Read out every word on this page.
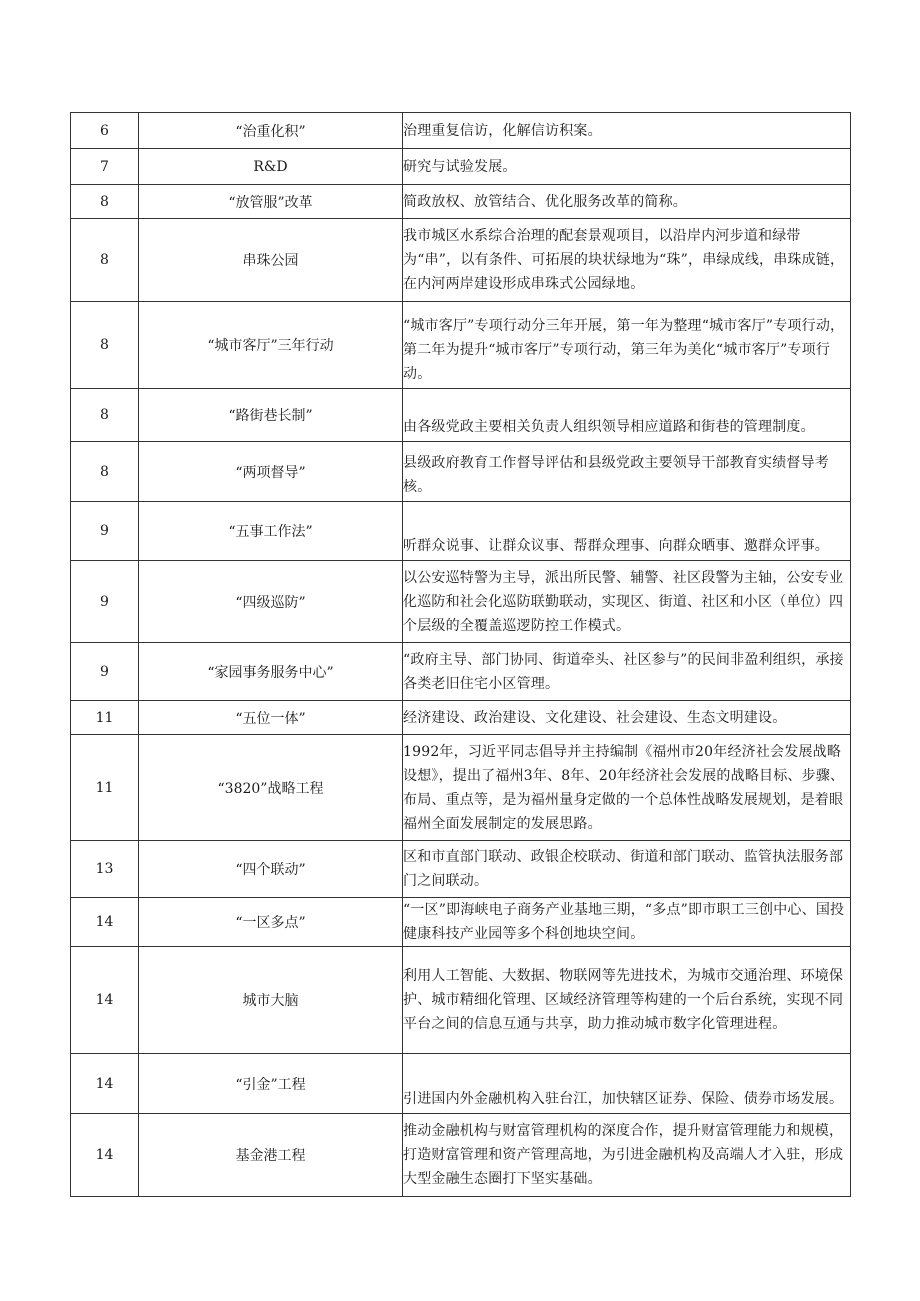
6	“治重化积”	治理重复信访，化解信访积案。
7	R&D	研究与试验发展。
8	“放管服”改革	简政放权、放管结合、优化服务改革的简称。
8	串珠公园	我市城区水系综合治理的配套景观项目，以沿岸内河步道和绿带为“串”，以有条件、可拓展的块状绿地为“珠”，串绿成线，串珠成链，在内河两岸建设形成串珠式公园绿地。
8	“城市客厅”三年行动	“城市客厅”专项行动分三年开展，第一年为整理“城市客厅”专项行动，第二年为提升“城市客厅”专项行动，第三年为美化“城市客厅”专项行动。
8	“路街巷长制”	由各级党政主要相关负责人组织领导相应道路和街巷的管理制度。
8	“两项督导”	县级政府教育工作督导评估和县级党政主要领导干部教育实绩督导考核。
9	“五事工作法”	听群众说事、让群众议事、帮群众理事、向群众晒事、邀群众评事。
9	“四级巡防”	以公安巡特警为主导，派出所民警、辅警、社区段警为主轴，公安专业化巡防和社会化巡防联勤联动，实现区、街道、社区和小区（单位）四个层级的全覆盖巡逻防控工作模式。
9	“家园事务服务中心”	“政府主导、部门协同、街道牵头、社区参与”的民间非盈利组织，承接各类老旧住宅小区管理。
11	“五位一体”	经济建设、政治建设、文化建设、社会建设、生态文明建设。
11	“3820”战略工程	1992年，习近平同志倡导并主持编制《福州市20年经济社会发展战略设想》，提出了福州3年、8年、20年经济社会发展的战略目标、步骤、布局、重点等，是为福州量身定做的一个总体性战略发展规划，是着眼福州全面发展制定的发展思路。
13	“四个联动”	区和市直部门联动、政银企校联动、街道和部门联动、监管执法服务部门之间联动。
14	“一区多点”	“一区”即海峡电子商务产业基地三期，“多点”即市职工三创中心、国投健康科技产业园等多个科创地块空间。
14	城市大脑	利用人工智能、大数据、物联网等先进技术，为城市交通治理、环境保护、城市精细化管理、区域经济管理等构建的一个后台系统，实现不同平台之间的信息互通与共享，助力推动城市数字化管理进程。
14	“引金”工程	引进国内外金融机构入驻台江，加快辖区证券、保险、债券市场发展。
14	基金港工程	推动金融机构与财富管理机构的深度合作，提升财富管理能力和规模，打造财富管理和资产管理高地，为引进金融机构及高端人才入驻，形成大型金融生态圈打下坚实基础。
